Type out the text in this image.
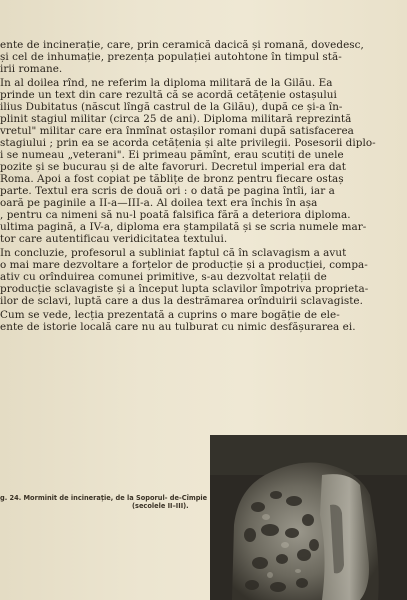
ente de incinerație, care, prin ceramică dacică și romană, dovedesc,
și cel de inhumație, prezența populației autohtone în timpul stă-
irii romane.
In al doilea rînd, ne referim la diploma militară de la Gilău. Ea
prinde un text din care rezultă că se acordă cetățenie ostașului
ilius Dubitatus (născut lîngă castrul de la Gilău), după ce și-a în-
plinit stagiul militar (circa 25 de ani). Diploma militară reprezintă
vretul" militar care era înmînat ostașilor romani după satisfacerea
stagiului ; prin ea se acorda cetățenia și alte privilegii. Posesorii diplo-
i se numeau „veterani". Ei primeau pămînt, erau scutiți de unele
pozite și se bucurau și de alte favoruri. Decretul imperial era dat
Roma. Apoi a fost copiat pe tăblițe de bronz pentru fiecare ostaș
parte. Textul era scris de două ori : o dată pe pagina întîi, iar a
oară pe paginile a II-a—III-a. Al doilea text era închis în așa
, pentru ca nimeni să nu-l poată falsifica fără a deteriora diploma.
ultima pagină, a IV-a, diploma era ștampilată și se scria numele mar-
tor care autentificau veridicitatea textului.
In concluzie, profesorul a subliniat faptul că în sclavagism a avut
o mai mare dezvoltare a forțelor de producție și a producției, compa-
ativ cu orînduirea comunei primitive, s-au dezvoltat relații de
producție sclavagiste și a început lupta sclavilor împotriva proprieta-
ilor de sclavi, luptă care a dus la destrămarea orînduirii sclavagiste.
Cum se vede, lecția prezentată a cuprins o mare bogăție de ele-
ente de istorie locală care nu au tulburat cu nimic desfășurarea ei.
g. 24. Morminit de incinerație, de la Soporul- de-Cîmpie
(secolele II–III).
